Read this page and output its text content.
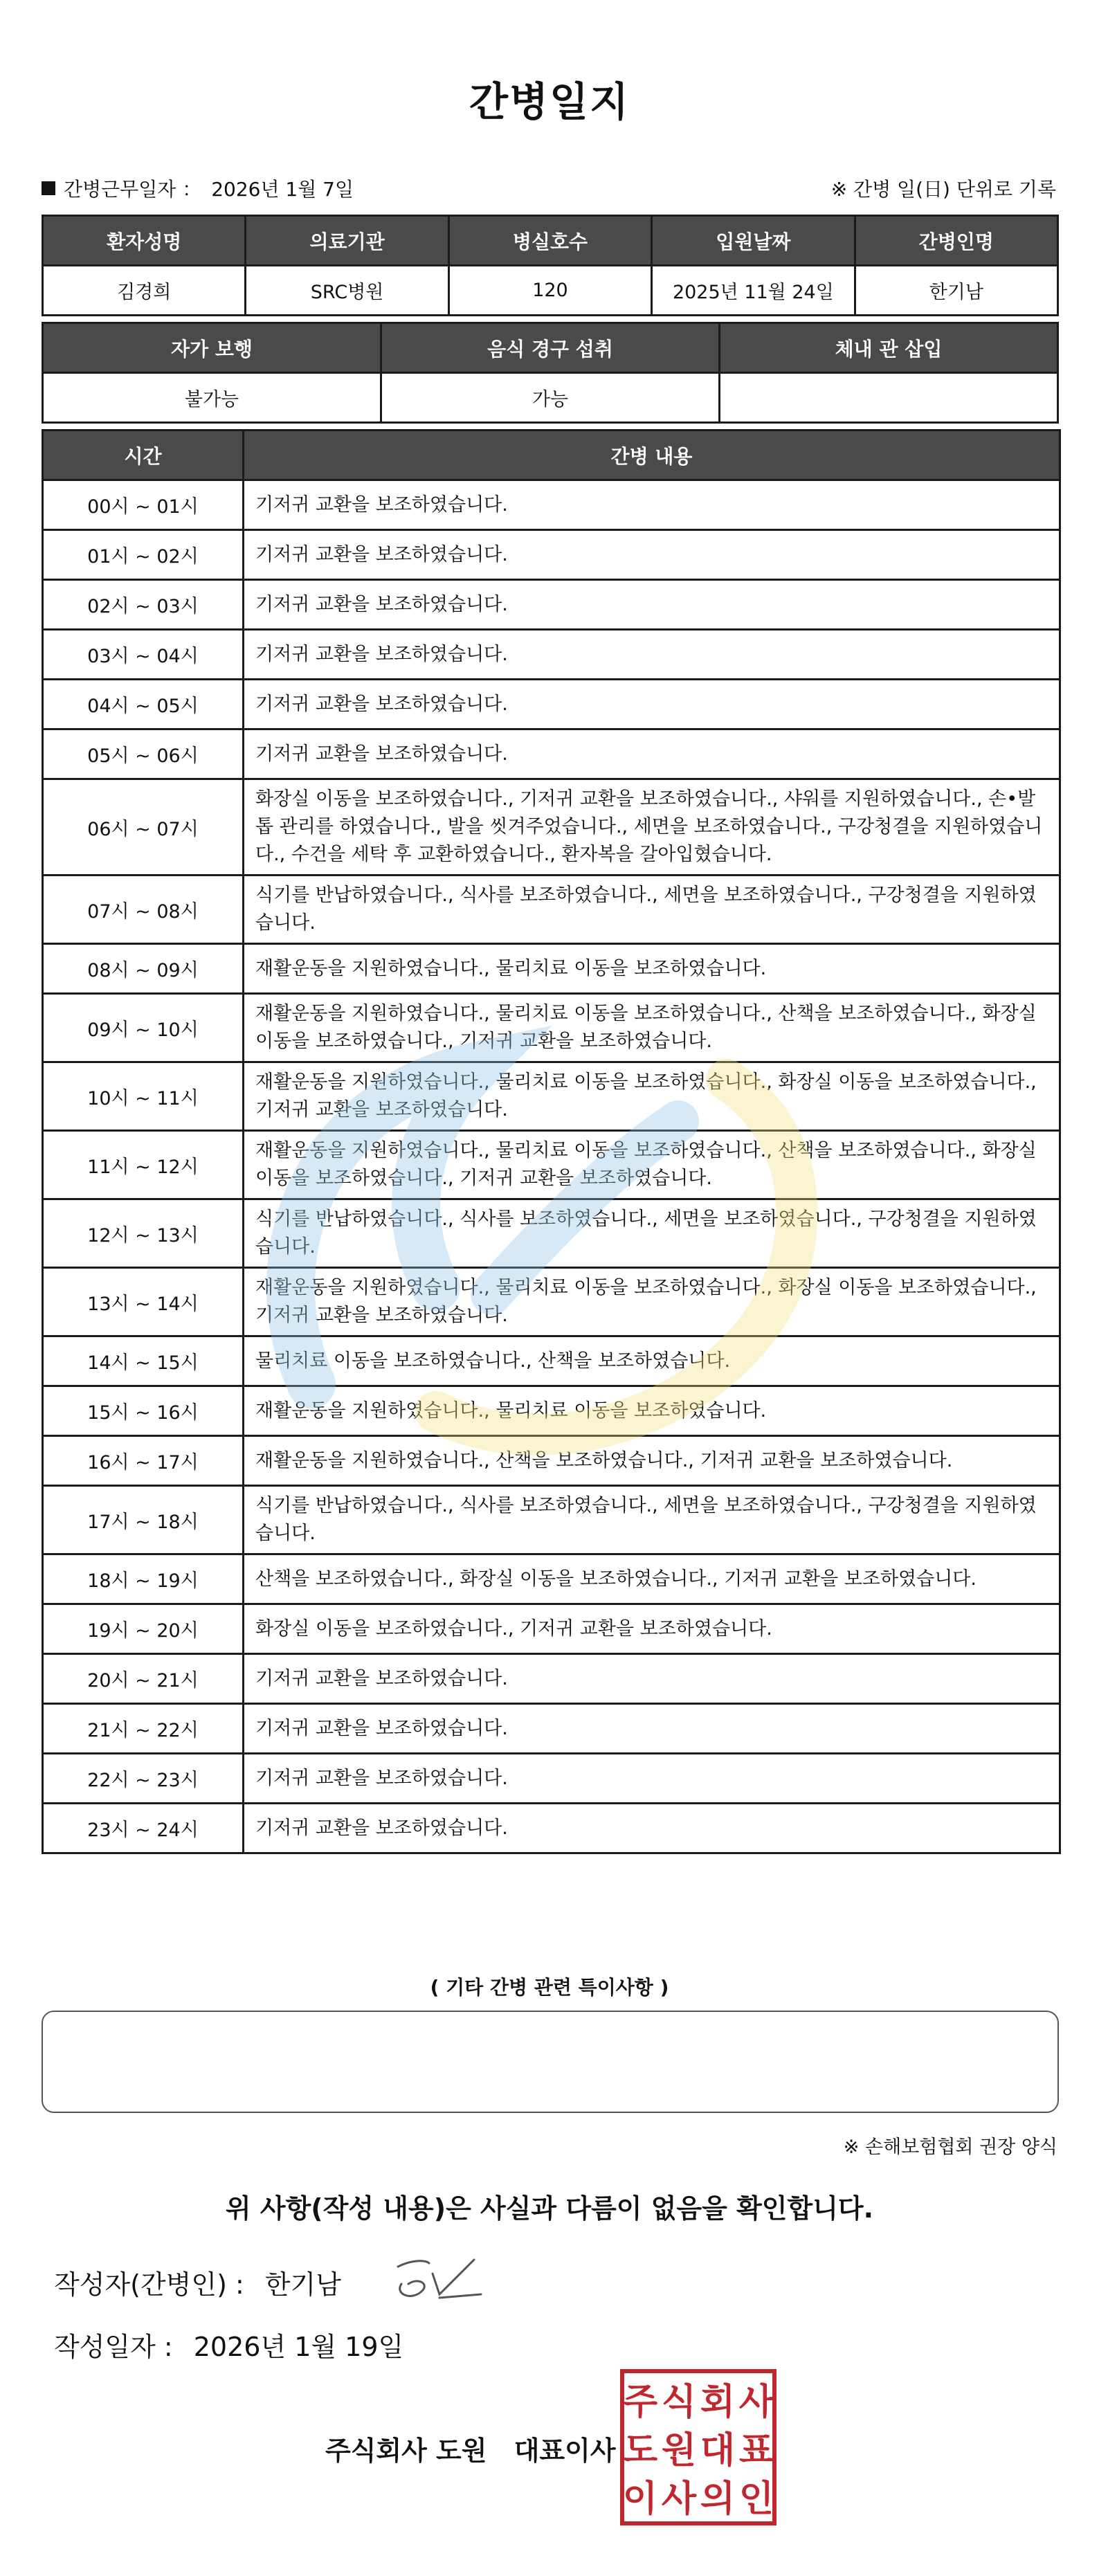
간병일지
간병근무일자 ： 2026년 1월 7일	※ 간병 일(日) 단위로 기록
환자성명	의료기관	병실호수	입원날짜	간병인명
김경희	SRC병원	120	2025년 11월 24일	한기남
자가 보행	음식 경구 섭취	체내 관 삽입
불가능	가능	
시간	간병 내용
00시 ~ 01시	기저귀 교환을 보조하였습니다.
01시 ~ 02시	기저귀 교환을 보조하였습니다.
02시 ~ 03시	기저귀 교환을 보조하였습니다.
03시 ~ 04시	기저귀 교환을 보조하였습니다.
04시 ~ 05시	기저귀 교환을 보조하였습니다.
05시 ~ 06시	기저귀 교환을 보조하였습니다.
06시 ~ 07시	화장실 이동을 보조하였습니다., 기저귀 교환을 보조하였습니다., 샤워를 지원하였습니다., 손•발톱 관리를 하였습니다., 발을 씻겨주었습니다., 세면을 보조하였습니다., 구강청결을 지원하였습니다., 수건을 세탁 후 교환하였습니다., 환자복을 갈아입혔습니다.
07시 ~ 08시	식기를 반납하였습니다., 식사를 보조하였습니다., 세면을 보조하였습니다., 구강청결을 지원하였습니다.
08시 ~ 09시	재활운동을 지원하였습니다., 물리치료 이동을 보조하였습니다.
09시 ~ 10시	재활운동을 지원하였습니다., 물리치료 이동을 보조하였습니다., 산책을 보조하였습니다., 화장실 이동을 보조하였습니다., 기저귀 교환을 보조하였습니다.
10시 ~ 11시	재활운동을 지원하였습니다., 물리치료 이동을 보조하였습니다., 화장실 이동을 보조하였습니다., 기저귀 교환을 보조하였습니다.
11시 ~ 12시	재활운동을 지원하였습니다., 물리치료 이동을 보조하였습니다., 산책을 보조하였습니다., 화장실 이동을 보조하였습니다., 기저귀 교환을 보조하였습니다.
12시 ~ 13시	식기를 반납하였습니다., 식사를 보조하였습니다., 세면을 보조하였습니다., 구강청결을 지원하였습니다.
13시 ~ 14시	재활운동을 지원하였습니다., 물리치료 이동을 보조하였습니다., 화장실 이동을 보조하였습니다., 기저귀 교환을 보조하였습니다.
14시 ~ 15시	물리치료 이동을 보조하였습니다., 산책을 보조하였습니다.
15시 ~ 16시	재활운동을 지원하였습니다., 물리치료 이동을 보조하였습니다.
16시 ~ 17시	재활운동을 지원하였습니다., 산책을 보조하였습니다., 기저귀 교환을 보조하였습니다.
17시 ~ 18시	식기를 반납하였습니다., 식사를 보조하였습니다., 세면을 보조하였습니다., 구강청결을 지원하였습니다.
18시 ~ 19시	산책을 보조하였습니다., 화장실 이동을 보조하였습니다., 기저귀 교환을 보조하였습니다.
19시 ~ 20시	화장실 이동을 보조하였습니다., 기저귀 교환을 보조하였습니다.
20시 ~ 21시	기저귀 교환을 보조하였습니다.
21시 ~ 22시	기저귀 교환을 보조하였습니다.
22시 ~ 23시	기저귀 교환을 보조하였습니다.
23시 ~ 24시	기저귀 교환을 보조하였습니다.
( 기타 간병 관련 특이사항 )
※ 손해보험협회 권장 양식
위 사항(작성 내용)은 사실과 다름이 없음을 확인합니다.
작성자(간병인) : 한기남
작성일자 : 2026년 1월 19일
주식회사 도원 대표이사
주 식 회 사
도 원 대 표
이 사 의 인
